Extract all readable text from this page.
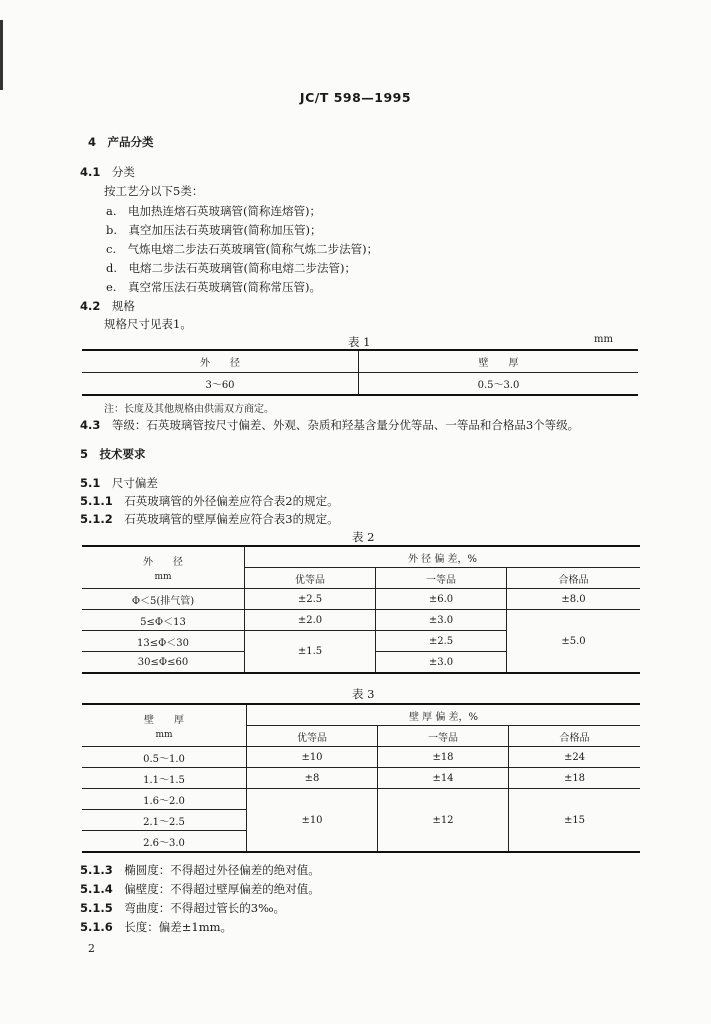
JC/T 598—1995
4　 产品分类
4.1　 分类
按工艺分以下5类：
a.　 电加热连熔石英玻璃管(简称连熔管)；
b.　 真空加压法石英玻璃管(简称加压管)；
c.　 气炼电熔二步法石英玻璃管(简称气炼二步法管)；
d.　 电熔二步法石英玻璃管(简称电熔二步法管)；
e.　 真空常压法石英玻璃管(简称常压管)。
4.2　 规格
规格尺寸见表1。
表 1	mm
外　　径	壁　　厚
3～60	0.5～3.0
注：长度及其他规格由供需双方商定。
4.3　 等级：石英玻璃管按尺寸偏差、外观、杂质和羟基含量分优等品、一等品和合格品3个等级。
5　 技术要求
5.1　 尺寸偏差
5.1.1　 石英玻璃管的外径偏差应符合表2的规定。
5.1.2　 石英玻璃管的壁厚偏差应符合表3的规定。
表 2
外　　径
mm	外 径 偏 差，%		
	优等品	一等品	合格品
Φ＜5(排气管)	±2.5	±6.0	±8.0
5≤Φ＜13	±2.0	±3.0	±5.0
13≤Φ＜30	±1.5	±2.5	
30≤Φ≤60		±3.0	
表 3
壁　　厚
mm	壁 厚 偏 差，%		
	优等品	一等品	合格品
0.5～1.0	±10	±18	±24
1.1～1.5	±8	±14	±18
1.6～2.0	±10	±12	±15
2.1～2.5			
2.6～3.0			
5.1.3　 椭圆度：不得超过外径偏差的绝对值。
5.1.4　 偏壁度：不得超过壁厚偏差的绝对值。
5.1.5　 弯曲度：不得超过管长的3‰。
5.1.6　 长度：偏差±1mm。
2
